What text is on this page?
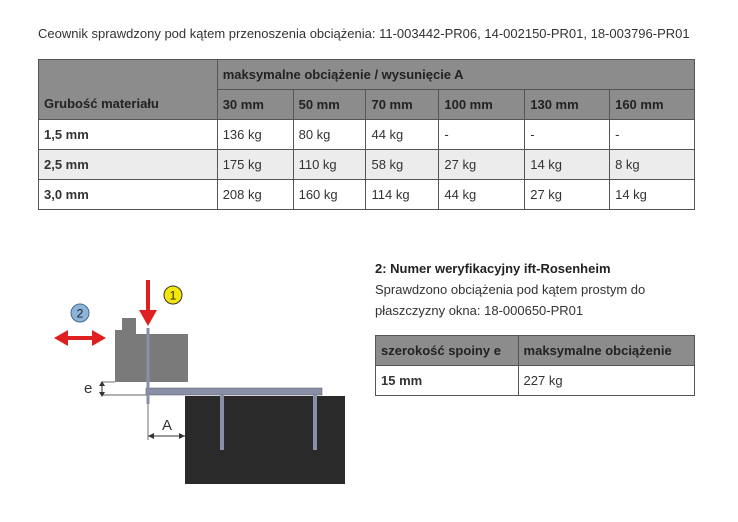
Ceownik sprawdzony pod kątem przenoszenia obciążenia: 11-003442-PR06, 14-002150-PR01, 18-003796-PR01
Grubość materiału	maksymalne obciążenie / wysunięcie A					
	30 mm	50 mm	70 mm	100 mm	130 mm	160 mm
1,5 mm	136 kg	80 kg	44 kg	-	-	-
2,5 mm	175 kg	110 kg	58 kg	27 kg	14 kg	8 kg
3,0 mm	208 kg	160 kg	114 kg	44 kg	27 kg	14 kg
1
2
e
A
2: Numer weryfikacyjny ift-Rosenheim
Sprawdzono obciążenia pod kątem prostym do
płaszczyzny okna: 18-000650-PR01
szerokość spoiny e	maksymalne obciążenie
15 mm	227 kg
